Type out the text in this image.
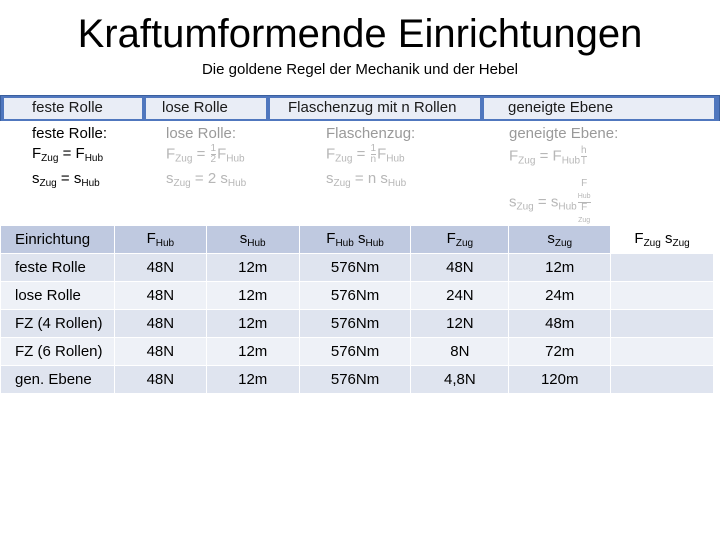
Kraftumformende Einrichtungen
Die goldene Regel der Mechanik und der Hebel
feste Rolle	lose Rolle	Flaschenzug mit n Rollen	geneigte Ebene
feste Rolle:
$F_{Zug} = F_{Hub}$
$s_{Zug} = s_{Hub}$
lose Rolle:
$F_{Zug} = \frac{1}{2} F_{Hub}$
$s_{Zug} = 2$ $s_{Hub}$
Flaschenzug:
$F_{Zug} = \frac{1}{n} F_{Hub}$
$s_{Zug} = n$ $s_{Hub}$
geneigte Ebene:
$F_{Zug} = F_{Hub} \frac{h}{l}$
$s_{Zug} = s_{Hub}$ F
$_{Hub}$
F
$_{Zug}$
Einrichtung	$F_{Hub}$	$s_{Hub}$	$F_{Hub}$ $s_{Hub}$	$F_{Zug}$	$s_{Zug}$	$F_{Zug}$ $s_{Zug}$
feste Rolle	48N	12m	576Nm	48N	12m	
lose Rolle	48N	12m	576Nm	24N	24m	
FZ (4 Rollen)	48N	12m	576Nm	12N	48m	
FZ (6 Rollen)	48N	12m	576Nm	8N	72m	
gen. Ebene	48N	12m	576Nm	4,8N	120m	
